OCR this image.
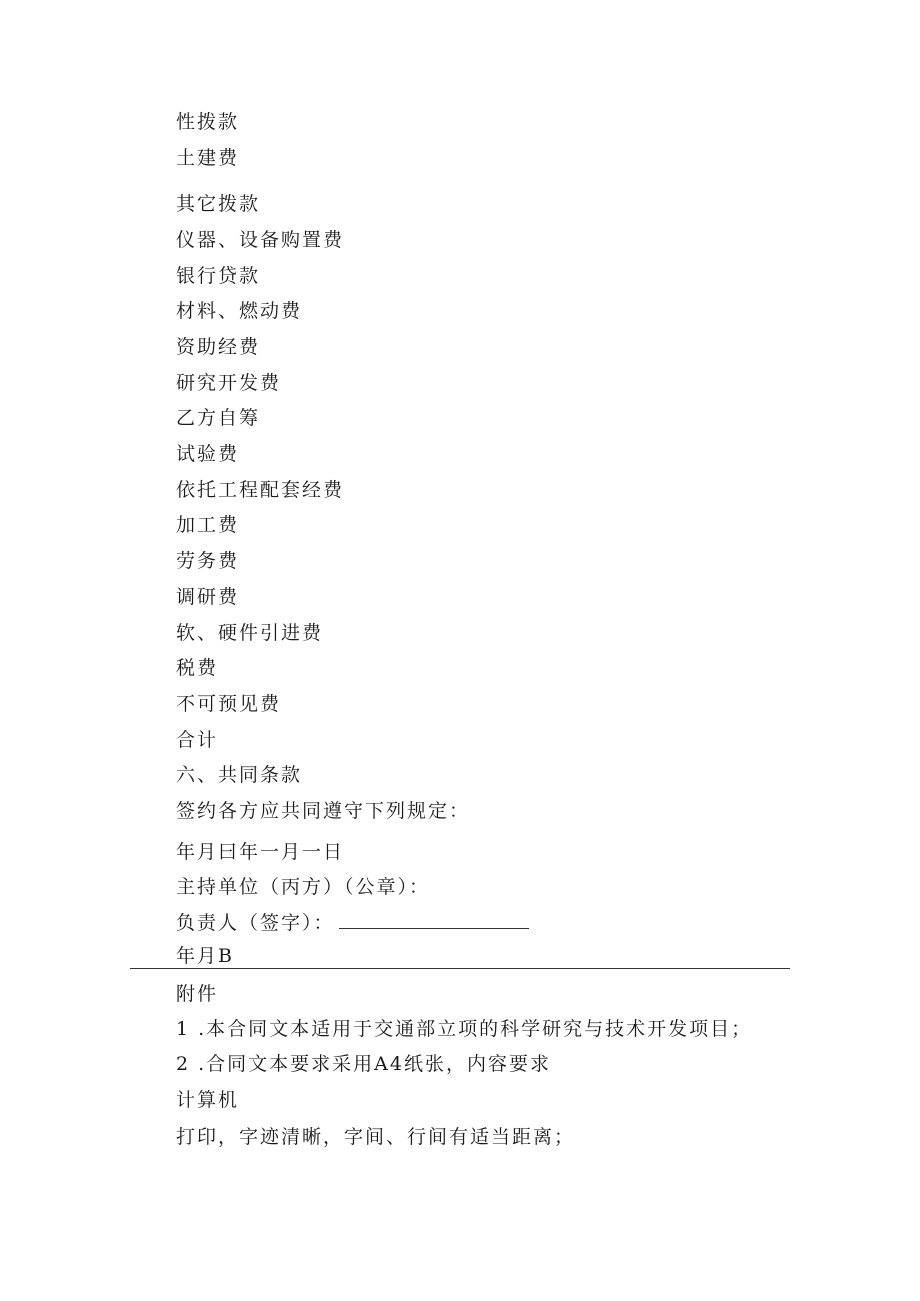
性拨款
土建费
其它拨款
仪器、设备购置费
银行贷款
材料、燃动费
资助经费
研究开发费
乙方自筹
试验费
依托工程配套经费
加工费
劳务费
调研费
软、硬件引进费
税费
不可预见费
合计
六、共同条款
签约各方应共同遵守下列规定：
年月曰年一月一日
主持单位（丙方）（公章）：
负责人（签字）：
年月B
附件
1 .本合同文本适用于交通部立项的科学研究与技术开发项目；
2 .合同文本要求采用A4纸张，内容要求
计算机
打印，字迹清晰，字间、行间有适当距离；
